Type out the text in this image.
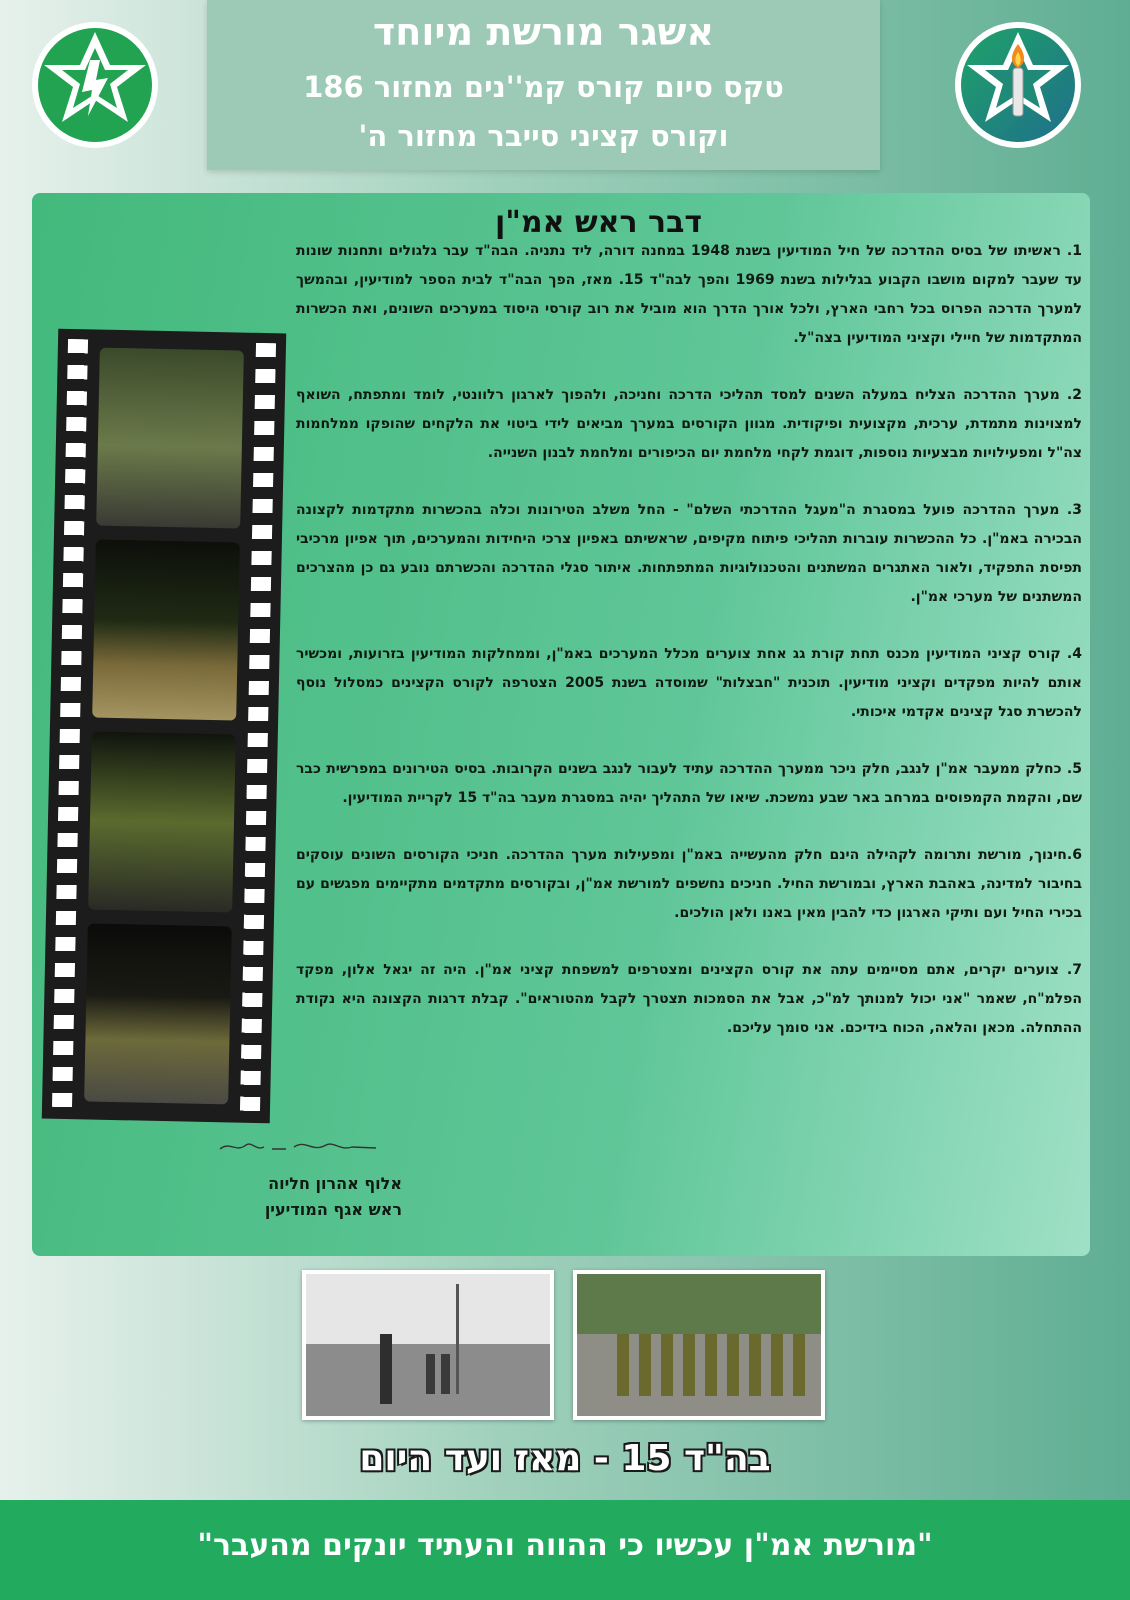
אשגר מורשת מיוחד
טקס סיום קורס קמ''נים מחזור 186
וקורס קציני סייבר מחזור ה'
דבר ראש אמ"ן

1. ראשיתו של בסיס ההדרכה של חיל המודיעין בשנת 1948 במחנה דורה, ליד נתניה. הבה"ד עבר גלגולים ותחנות שונות עד שעבר למקום מושבו הקבוע בגלילות בשנת 1969 והפך לבה"ד 15. מאז, הפך הבה"ד לבית הספר למודיעין, ובהמשך למערך הדרכה הפרוס בכל רחבי הארץ, ולכל אורך הדרך הוא מוביל את רוב קורסי היסוד במערכים השונים, ואת הכשרות המתקדמות של חיילי וקציני המודיעין בצה"ל.

2. מערך ההדרכה הצליח במעלה השנים למסד תהליכי הדרכה וחניכה, ולהפוך לארגון רלוונטי, לומד ומתפתח, השואף למצוינות מתמדת, ערכית, מקצועית ופיקודית. מגוון הקורסים במערך מביאים לידי ביטוי את הלקחים שהופקו ממלחמות צה"ל ומפעילויות מבצעיות נוספות, דוגמת לקחי מלחמת יום הכיפורים ומלחמת לבנון השנייה.

3. מערך ההדרכה פועל במסגרת ה"מעגל ההדרכתי השלם" - החל משלב הטירונות וכלה בהכשרות מתקדמות לקצונה הבכירה באמ"ן. כל ההכשרות עוברות תהליכי פיתוח מקיפים, שראשיתם באפיון צרכי היחידות והמערכים, תוך אפיון מרכיבי תפיסת התפקיד, ולאור האתגרים המשתנים והטכנולוגיות המתפתחות. איתור סגלי ההדרכה והכשרתם נובע גם כן מהצרכים המשתנים של מערכי אמ"ן.

4. קורס קציני המודיעין מכנס תחת קורת גג אחת צוערים מכלל המערכים באמ"ן, וממחלקות המודיעין בזרועות, ומכשיר אותם להיות מפקדים וקציני מודיעין. תוכנית "חבצלות" שמוסדה בשנת 2005 הצטרפה לקורס הקצינים כמסלול נוסף להכשרת סגל קצינים אקדמי איכותי.

5. כחלק ממעבר אמ"ן לנגב, חלק ניכר ממערך ההדרכה עתיד לעבור לנגב בשנים הקרובות. בסיס הטירונים במפרשית כבר שם, והקמת הקמפוסים במרחב באר שבע נמשכת. שיאו של התהליך יהיה במסגרת מעבר בה"ד 15 לקריית המודיעין.

6.חינוך, מורשת ותרומה לקהילה הינם חלק מהעשייה באמ"ן ומפעילות מערך ההדרכה. חניכי הקורסים השונים עוסקים בחיבור למדינה, באהבת הארץ, ובמורשת החיל. חניכים נחשפים למורשת אמ"ן, ובקורסים מתקדמים מתקיימים מפגשים עם בכירי החיל ועם ותיקי הארגון כדי להבין מאין באנו ולאן הולכים.

7. צוערים יקרים, אתם מסיימים עתה את קורס הקצינים ומצטרפים למשפחת קציני אמ"ן. היה זה יגאל אלון, מפקד הפלמ"ח, שאמר "אני יכול למנותך למ"כ, אבל את הסמכות תצטרך לקבל מהטוראים". קבלת דרגות הקצונה היא נקודת ההתחלה. מכאן והלאה, הכוח בידיכם. אני סומך עליכם.

אלוף אהרון חליוה
ראש אגף המודיעין
בה"ד 15 - מאז ועד היום
"מורשת אמ"ן עכשיו כי ההווה והעתיד יונקים מהעבר"
